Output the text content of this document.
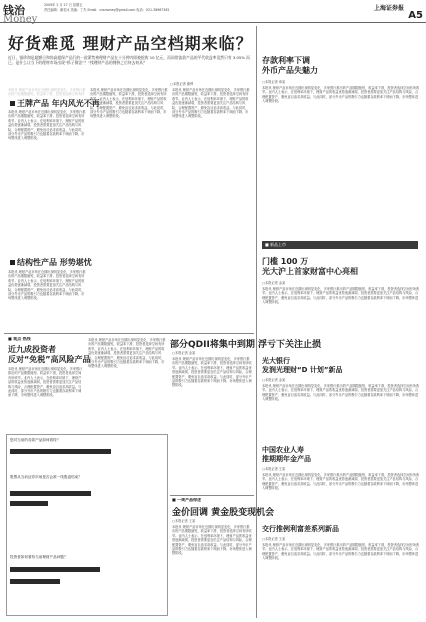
钱治
Money
2009年 2 月 27 日 星期五
责任编辑：谢若冰 美编：丁杰 Email：cssmoney@gmail.com 电话：021-38967362	上海证券报
A5
好货难觅 理财产品空档期来临？
近日，银珍和是超额日和尚高超保产品行的一款紧势弗理财产品在十分钟内即被抢购 10 亿元，而同常流款产品的平代收益率竟然只有 3.05% 而已，是什么让当下的理财市场出现“抓子倒罢”？“钱理财产品的拥挤之后何去何从？
□本报记者 谢烨
本报讯 理财产品市场在近期出现明显变化，多家银行推出的产品期限缩短，收益率下滑，投资者选择空间有所
王牌产品 年内风光不再
本报讯 理财产品市场在近期出现明显变化，多家银行推出的产品期限缩短，收益率下滑，投资者选择空间有所收窄。业内人士表示，在低利率环境下，理财产品的收益优势逐渐减弱，投资者需要更加关注产品结构与风险，合理配置资产，避免盲目追求高收益。与此同时，部分外币产品的吸引力也随着存款利率下调而下降，市场整体进入调整阶段。
本报讯 理财产品市场在近期出现明显变化，多家银行推出的产品期限缩短，收益率下滑，投资者选择空间有所收窄。业内人士表示，在低利率环境下，理财产品的收益优势逐渐减弱，投资者需要更加关注产品结构与风险，合理配置资产，避免盲目追求高收益。与此同时，部分外币产品的吸引力也随着存款利率下调而下降，市场整体进入调整阶段。
本报讯 理财产品市场在近期出现明显变化，多家银行推出的产品期限缩短，收益率下滑，投资者选择空间有所收窄。业内人士表示，在低利率环境下，理财产品的收益优势逐渐减弱，投资者需要更加关注产品结构与风险，合理配置资产，避免盲目追求高收益。与此同时，部分外币产品的吸引力也随着存款利率下调而下降，市场整体进入调整阶段。
结构性产品 形势堪忧
本报讯 理财产品市场在近期出现明显变化，多家银行推出的产品期限缩短，收益率下滑，投资者选择空间有所收窄。业内人士表示，在低利率环境下，理财产品的收益优势逐渐减弱，投资者需要更加关注产品结构与风险，合理配置资产，避免盲目追求高收益。与此同时，部分外币产品的吸引力也随着存款利率下调而下降，市场整体进入调整阶段。
存款利率下调
外币产品失魅力
□本报记者 章某
本报讯 理财产品市场在近期出现明显变化，多家银行推出的产品期限缩短，收益率下滑，投资者选择空间有所收窄。业内人士表示，在低利率环境下，理财产品的收益优势逐渐减弱，投资者需要更加关注产品结构与风险，合理配置资产，避免盲目追求高收益。与此同时，部分外币产品的吸引力也随着存款利率下调而下降，市场整体进入调整阶段。
■ 新品上市
门槛 100 万
光大沪上首家财富中心亮相
□本报记者 金某
本报讯 理财产品市场在近期出现明显变化，多家银行推出的产品期限缩短，收益率下滑，投资者选择空间有所收窄。业内人士表示，在低利率环境下，理财产品的收益优势逐渐减弱，投资者需要更加关注产品结构与风险，合理配置资产，避免盲目追求高收益。与此同时，部分外币产品的吸引力也随着存款利率下调而下降，市场整体进入调整阶段。
光大银行
发润光理财“D 计划”新品
□本报记者 金某
本报讯 理财产品市场在近期出现明显变化，多家银行推出的产品期限缩短，收益率下滑，投资者选择空间有所收窄。业内人士表示，在低利率环境下，理财产品的收益优势逐渐减弱，投资者需要更加关注产品结构与风险，合理配置资产，避免盲目追求高收益。与此同时，部分外币产品的吸引力也随着存款利率下调而下降，市场整体进入调整阶段。
中国农业人寿
推期期年金产品
□本报记者 王某
本报讯 理财产品市场在近期出现明显变化，多家银行推出的产品期限缩短，收益率下滑，投资者选择空间有所收窄。业内人士表示，在低利率环境下，理财产品的收益优势逐渐减弱，投资者需要更加关注产品结构与风险，合理配置资产，避免盲目追求高收益。与此同时，部分外币产品的吸引力也随着存款利率下调而下降，市场整体进入调整阶段。
交行推例利富差系列新品
□本报记者 王某
本报讯 理财产品市场在近期出现明显变化，多家银行推出的产品期限缩短，收益率下滑，投资者选择空间有所收窄。业内人士表示，在低利率环境下，理财产品的收益优势逐渐减弱，投资者需要更加关注产品结构与风险，合理配置资产，避免盲目追求高收益。与此同时，部分外币产品的吸引力也随着存款利率下调而下降，市场整体进入调整阶段。
■ 观点 热线
近九成投资者
反对“免税”高风险产品
本报讯 理财产品市场在近期出现明显变化，多家银行推出的产品期限缩短，收益率下滑，投资者选择空间有所收窄。业内人士表示，在低利率环境下，理财产品的收益优势逐渐减弱，投资者需要更加关注产品结构与风险，合理配置资产，避免盲目追求高收益。与此同时，部分外币产品的吸引力也随着存款利率下调而下降，市场整体进入调整阶段。
本报讯 理财产品市场在近期出现明显变化，多家银行推出的产品期限缩短，收益率下滑，投资者选择空间有所收窄。业内人士表示，在低利率环境下，理财产品的收益优势逐渐减弱，投资者需要更加关注产品结构与风险，合理配置资产，避免盲目追求高收益。与此同时，部分外币产品的吸引力也随着存款利率下调而下降，市场整体进入调整阶段。
您对当前的各款产品如何看待？
股票从当前证券市场是否会被一线股盘结束？
投资者如何看待当前理财产品问题？
部分QDII将集中到期 浮亏下关注止损
□本报记者 金某
本报讯 理财产品市场在近期出现明显变化，多家银行推出的产品期限缩短，收益率下滑，投资者选择空间有所收窄。业内人士表示，在低利率环境下，理财产品的收益优势逐渐减弱，投资者需要更加关注产品结构与风险，合理配置资产，避免盲目追求高收益。与此同时，部分外币产品的吸引力也随着存款利率下调而下降，市场整体进入调整阶段。
■ 一周产品综述
金价回调 黄金股变现机会
□本报记者 王某
本报讯 理财产品市场在近期出现明显变化，多家银行推出的产品期限缩短，收益率下滑，投资者选择空间有所收窄。业内人士表示，在低利率环境下，理财产品的收益优势逐渐减弱，投资者需要更加关注产品结构与风险，合理配置资产，避免盲目追求高收益。与此同时，部分外币产品的吸引力也随着存款利率下调而下降，市场整体进入调整阶段。
